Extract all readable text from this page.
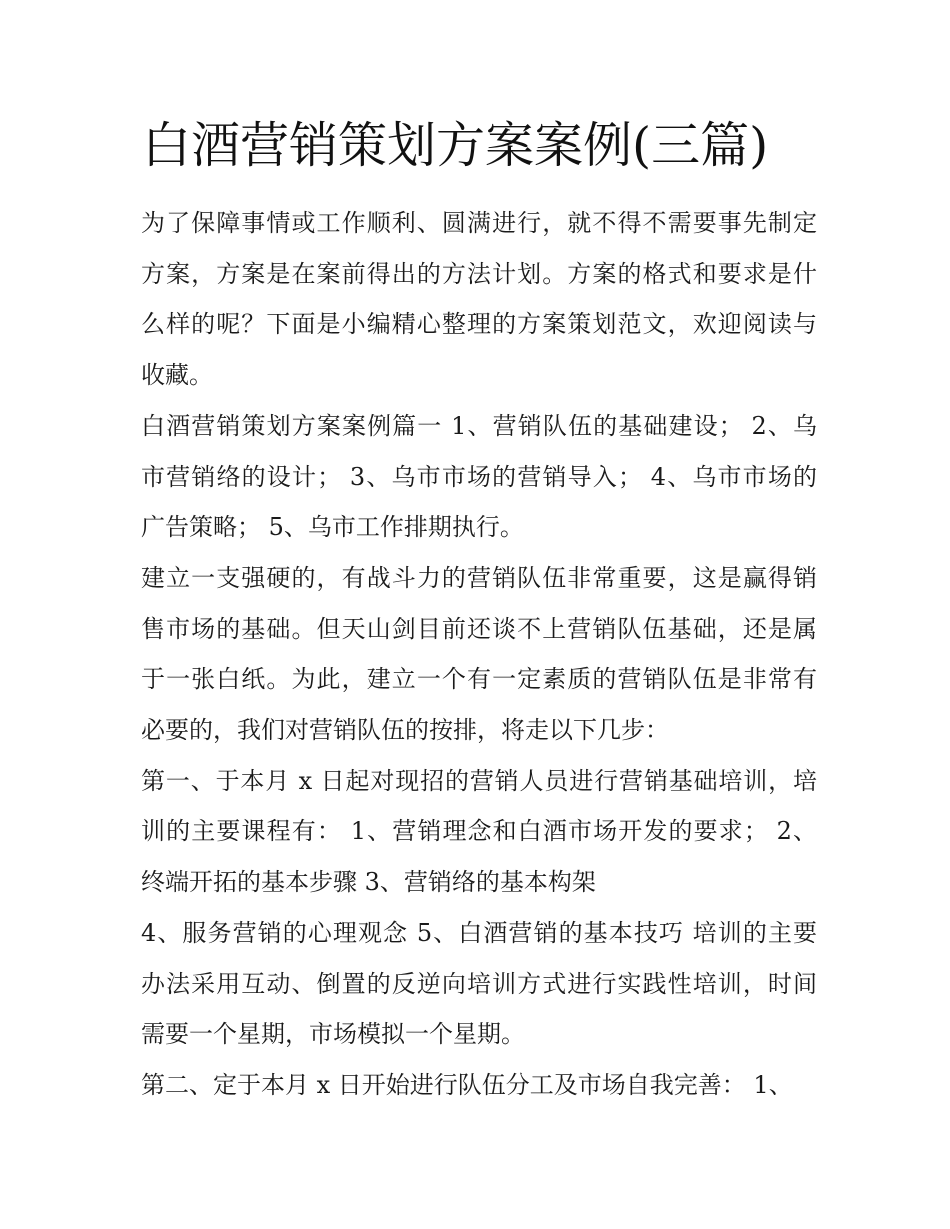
白酒营销策划方案案例(三篇)

为了保障事情或工作顺利、圆满进行，就不得不需要事先制定
方案，方案是在案前得出的方法计划。方案的格式和要求是什
么样的呢？下面是小编精心整理的方案策划范文，欢迎阅读与
收藏。

白酒营销策划方案案例篇一 1、营销队伍的基础建设； 2、乌
市营销络的设计； 3、乌市市场的营销导入； 4、乌市市场的
广告策略； 5、乌市工作排期执行。

建立一支强硬的，有战斗力的营销队伍非常重要，这是赢得销
售市场的基础。但天山剑目前还谈不上营销队伍基础，还是属
于一张白纸。为此，建立一个有一定素质的营销队伍是非常有
必要的，我们对营销队伍的按排，将走以下几步：

第一、于本月 x 日起对现招的营销人员进行营销基础培训，培
训的主要课程有： 1、营销理念和白酒市场开发的要求； 2、
终端开拓的基本步骤 3、营销络的基本构架

4、服务营销的心理观念 5、白酒营销的基本技巧 培训的主要
办法采用互动、倒置的反逆向培训方式进行实践性培训，时间
需要一个星期，市场模拟一个星期。

第二、定于本月 x 日开始进行队伍分工及市场自我完善： 1、
